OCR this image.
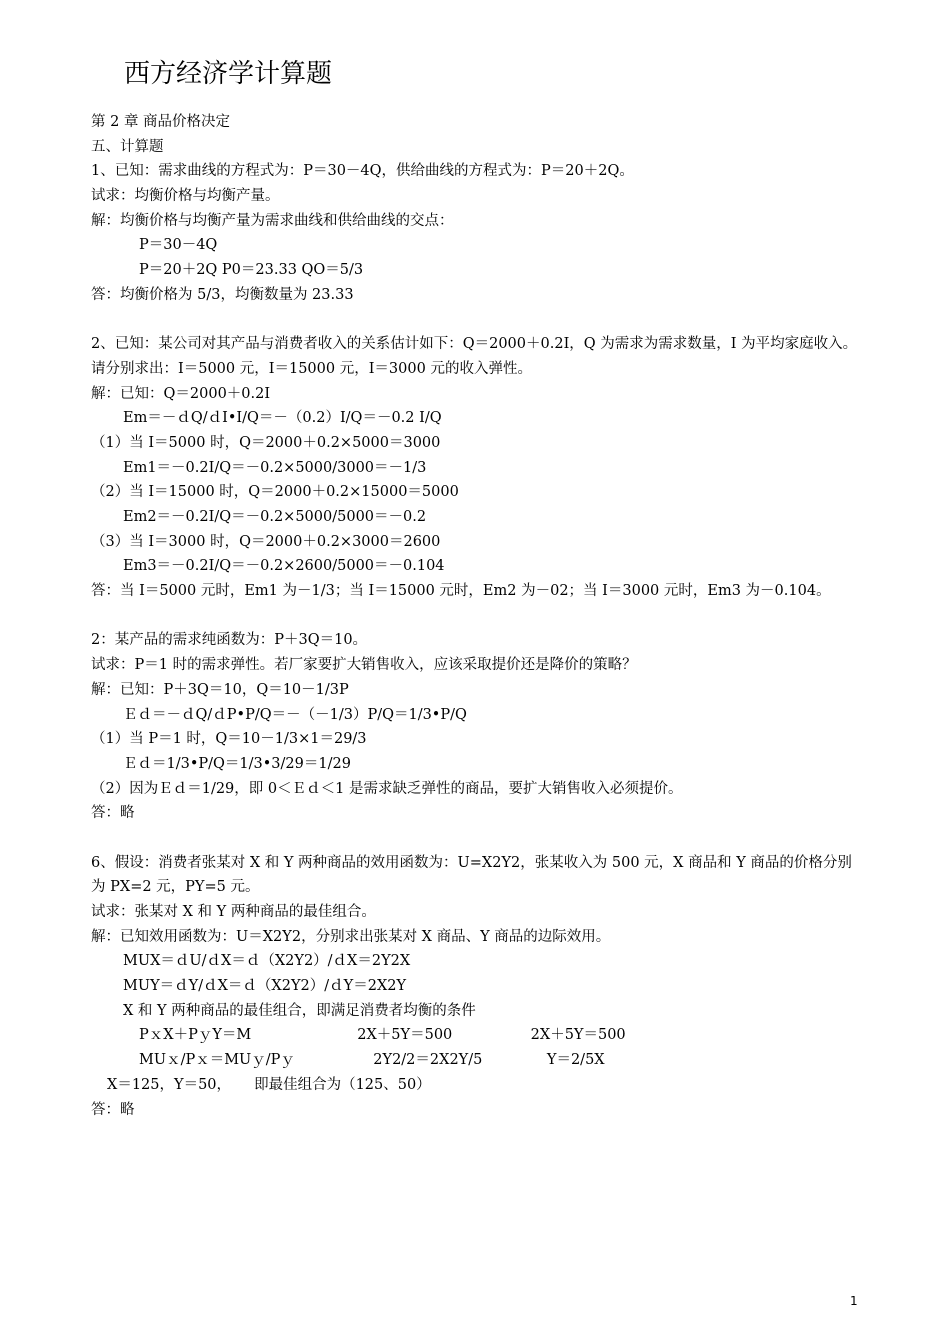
西方经济学计算题
第 2 章 商品价格决定
五、计算题
1、已知：需求曲线的方程式为：P＝30－4Q，供给曲线的方程式为：P＝20＋2Q。
试求：均衡价格与均衡产量。
解：均衡价格与均衡产量为需求曲线和供给曲线的交点：
P＝30－4Q
P＝20＋2Q P0＝23.33 QO＝5/3
答：均衡价格为 5/3，均衡数量为 23.33
2、已知：某公司对其产品与消费者收入的关系估计如下：Q＝2000＋0.2I，Q 为需求为需求数量，I 为平均家庭收入。
请分别求出：I＝5000 元，I＝15000 元，I＝3000 元的收入弹性。
解：已知：Q＝2000＋0.2I
Em＝－ｄQ/ｄI•I/Q＝－（0.2）I/Q＝－0.2 I/Q
（1）当 I＝5000 时，Q＝2000＋0.2×5000＝3000
Em1＝－0.2I/Q＝－0.2×5000/3000＝－1/3
（2）当 I＝15000 时，Q＝2000＋0.2×15000＝5000
Em2＝－0.2I/Q＝－0.2×5000/5000＝－0.2
（3）当 I＝3000 时，Q＝2000＋0.2×3000＝2600
Em3＝－0.2I/Q＝－0.2×2600/5000＝－0.104
答：当 I＝5000 元时，Em1 为－1/3；当 I＝15000 元时，Em2 为－02；当 I＝3000 元时，Em3 为－0.104。
2：某产品的需求纯函数为：P＋3Q＝10。
试求：P＝1 时的需求弹性。若厂家要扩大销售收入，应该采取提价还是降价的策略？
解：已知：P＋3Q＝10，Q＝10－1/3P
Ｅｄ＝－ｄQ/ｄP•P/Q＝－（－1/3）P/Q＝1/3•P/Q
（1）当 P＝1 时，Q＝10－1/3×1＝29/3
Ｅｄ＝1/3•P/Q＝1/3•3/29＝1/29
（2）因为Ｅｄ＝1/29，即 0＜Ｅｄ＜1 是需求缺乏弹性的商品，要扩大销售收入必须提价。
答：略
6、假设：消费者张某对 X 和 Y 两种商品的效用函数为：U=X2Y2，张某收入为 500 元，X 商品和 Y 商品的价格分别为 PX=2 元，PY=5 元。
试求：张某对 X 和 Y 两种商品的最佳组合。
解：已知效用函数为：U＝X2Y2，分别求出张某对 X 商品、Y 商品的边际效用。
MUX＝ｄU/ｄX＝ｄ（X2Y2）/ｄX＝2Y2X
MUY＝ｄY/ｄX＝ｄ（X2Y2）/ｄY＝2X2Y
X 和 Y 两种商品的最佳组合，即满足消费者均衡的条件
PｘX＋PｙY＝M                       2X＋5Y＝500                 2X＋5Y＝500
MUｘ/Pｘ＝MUｙ/Pｙ                 2Y2/2＝2X2Y/5              Y＝2/5X
X＝125，Y＝50，     即最佳组合为（125、50）
答：略
1
